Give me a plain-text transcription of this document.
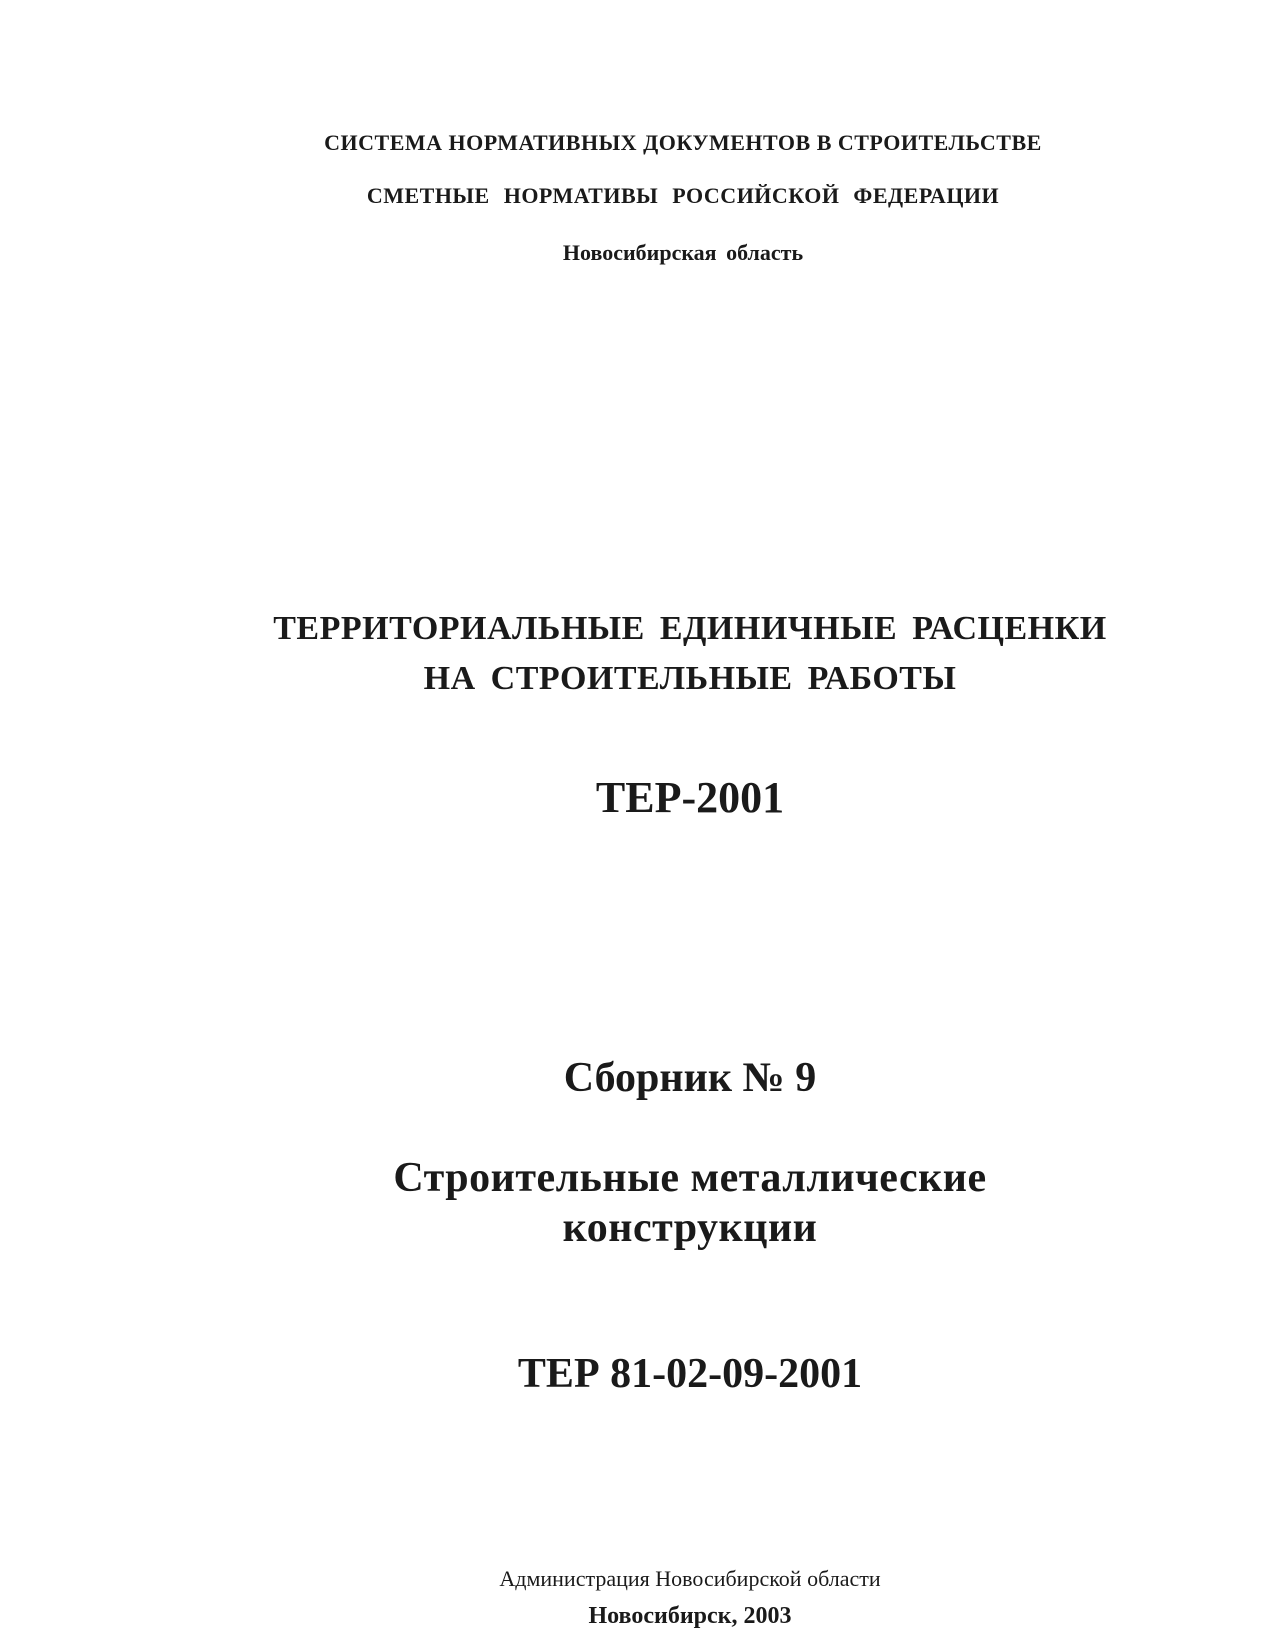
СИСТЕМА НОРМАТИВНЫХ ДОКУМЕНТОВ В СТРОИТЕЛЬСТВЕ
СМЕТНЫЕ НОРМАТИВЫ РОССИЙСКОЙ ФЕДЕРАЦИИ
Новосибирская область
ТЕРРИТОРИАЛЬНЫЕ ЕДИНИЧНЫЕ РАСЦЕНКИ
НА СТРОИТЕЛЬНЫЕ РАБОТЫ
ТЕР-2001
Сборник № 9
Строительные металлические
конструкции
ТЕР 81-02-09-2001
Администрация Новосибирской области
Новосибирск, 2003
